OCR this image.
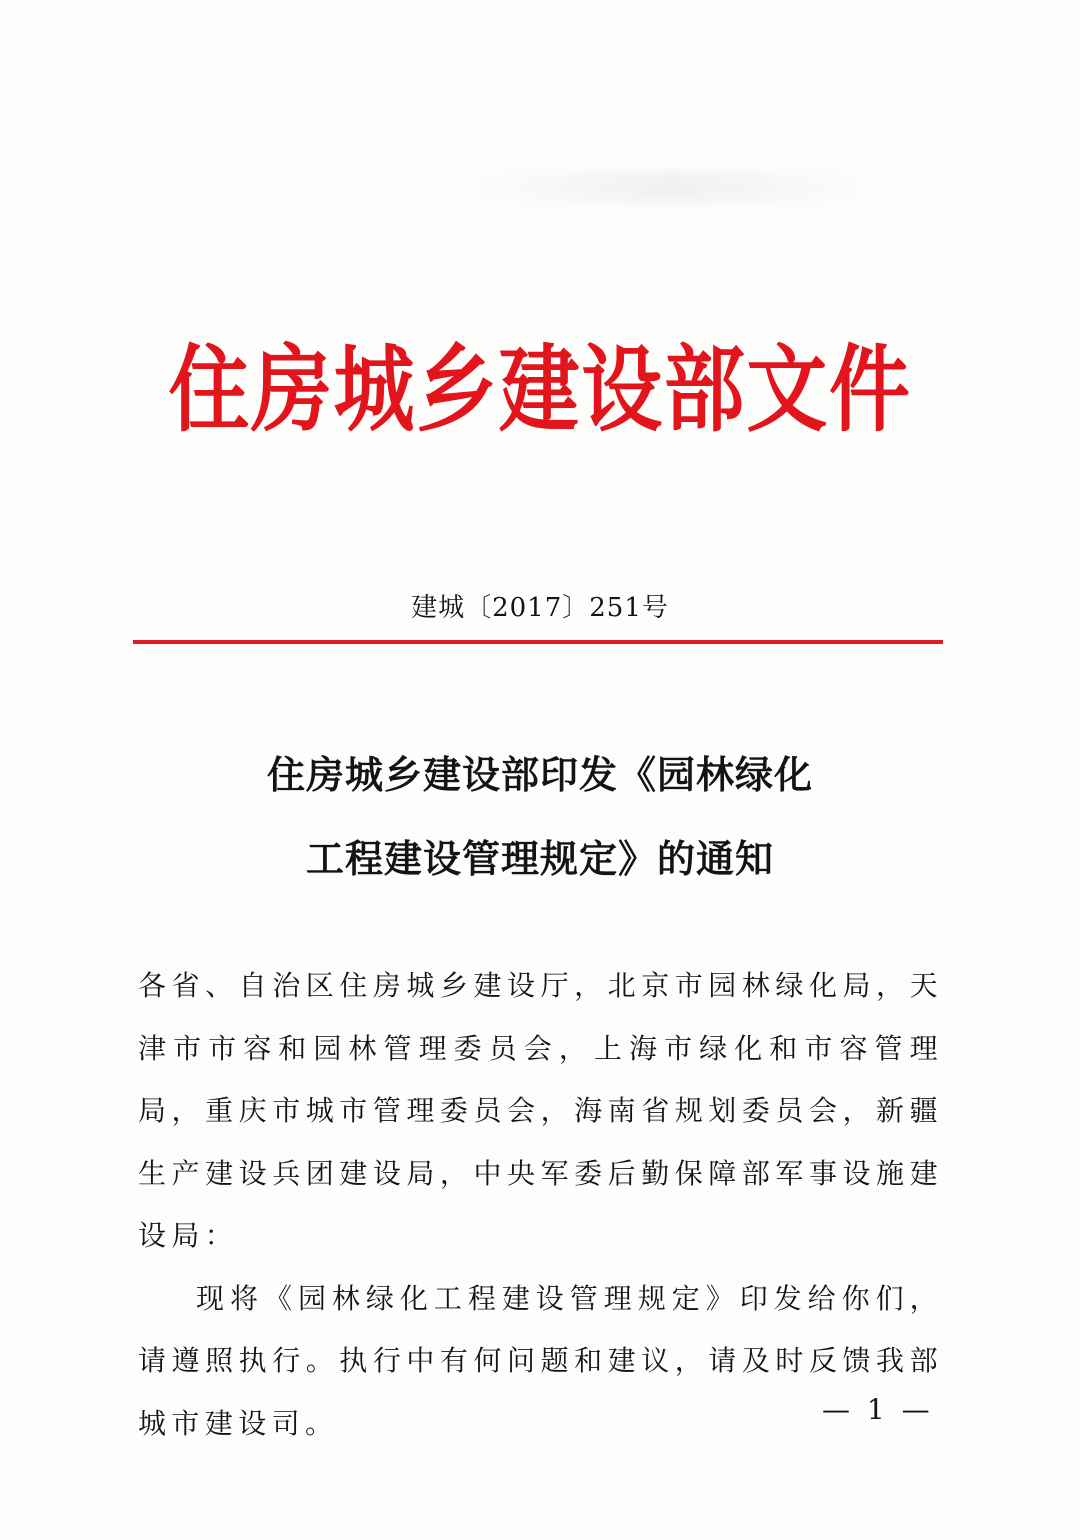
住房城乡建设部文件
建城〔2017〕251号
住房城乡建设部印发《园林绿化
工程建设管理规定》的通知

各省、自治区住房城乡建设厅，北京市园林绿化局，天津市市容和园林管理委员会，上海市绿化和市容管理局，重庆市城市管理委员会，海南省规划委员会，新疆生产建设兵团建设局，中央军委后勤保障部军事设施建设局：

现将《园林绿化工程建设管理规定》印发给你们，请遵照执行。执行中有何问题和建议，请及时反馈我部城市建设司。	— 1 —
